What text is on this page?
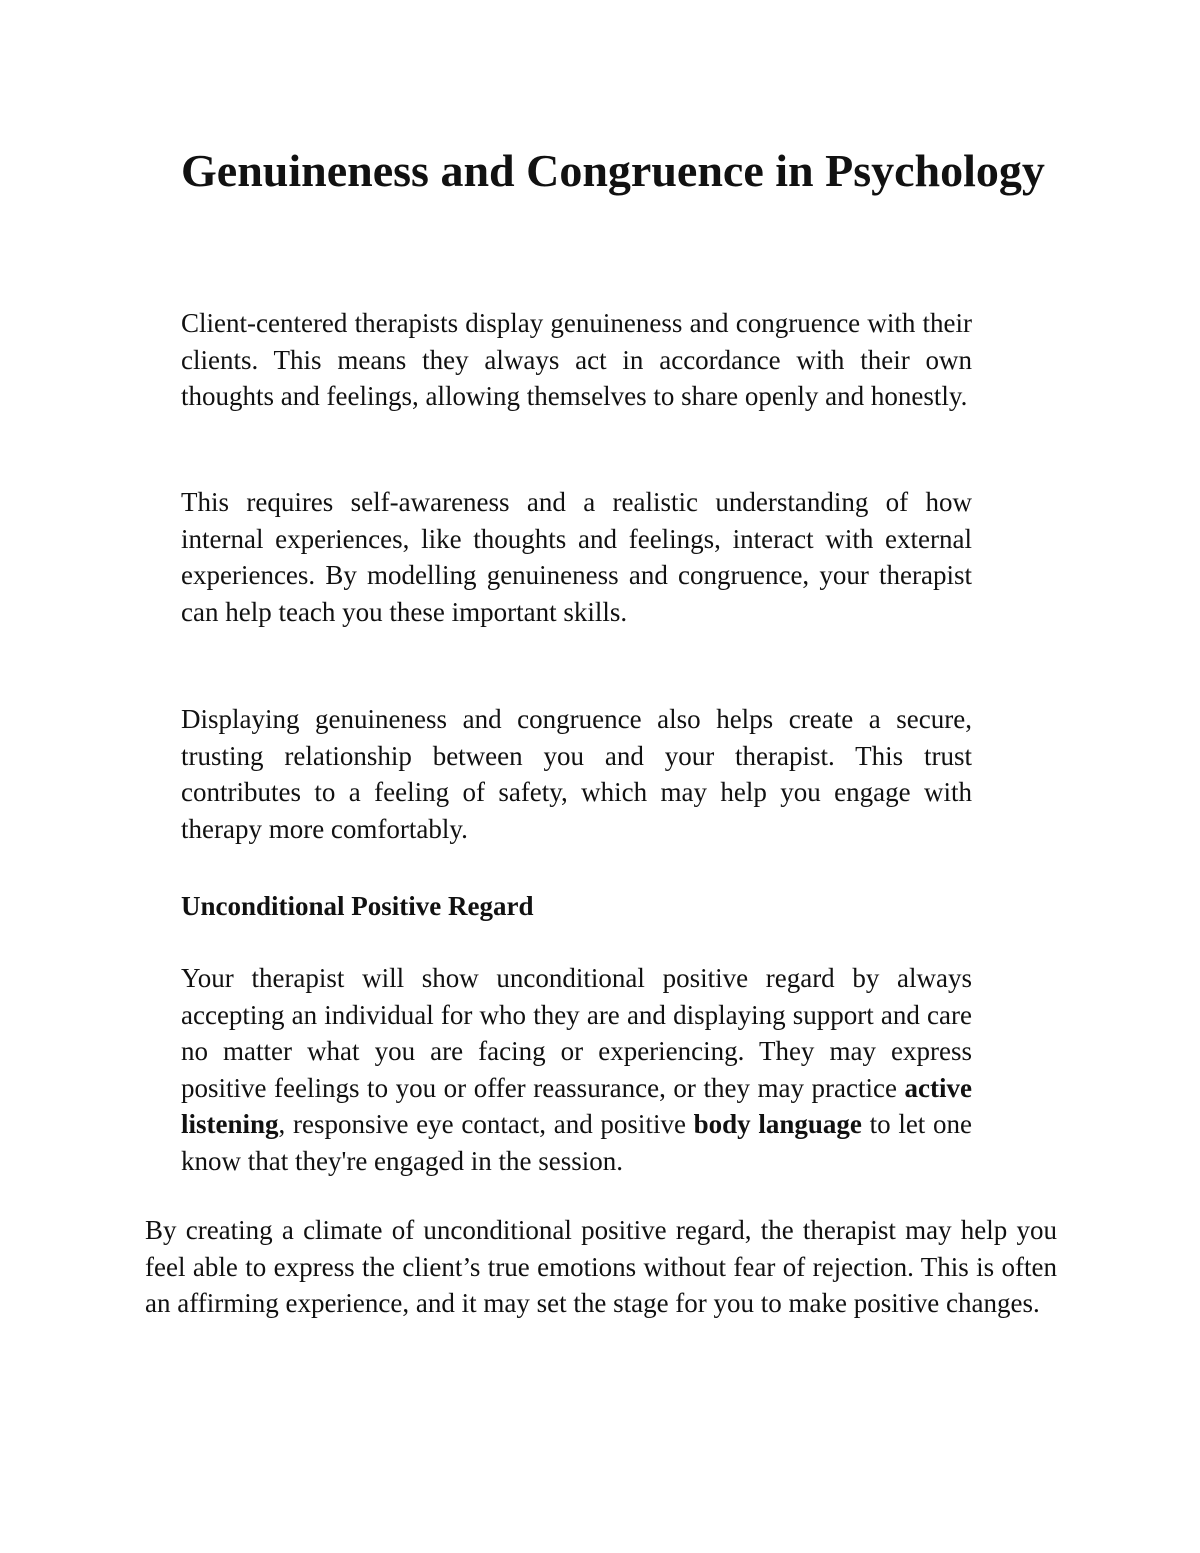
Genuineness and Congruence in Psychology

Client-centered therapists display genuineness and congruence with their clients. This means they always act in accordance with their own thoughts and feelings, allowing themselves to share openly and honestly.

This requires self-awareness and a realistic understanding of how internal experiences, like thoughts and feelings, interact with external experiences. By modelling genuineness and congruence, your therapist can help teach you these important skills.

Displaying genuineness and congruence also helps create a secure, trusting relationship between you and your therapist. This trust contributes to a feeling of safety, which may help you engage with therapy more comfortably.

Unconditional Positive Regard

Your therapist will show unconditional positive regard by always accepting an individual for who they are and displaying support and care no matter what you are facing or experiencing. They may express positive feelings to you or offer reassurance, or they may practice active listening, responsive eye contact, and positive body language to let one know that they're engaged in the session.

By creating a climate of unconditional positive regard, the therapist may help you feel able to express the client’s true emotions without fear of rejection. This is often an affirming experience, and it may set the stage for you to make positive changes.
